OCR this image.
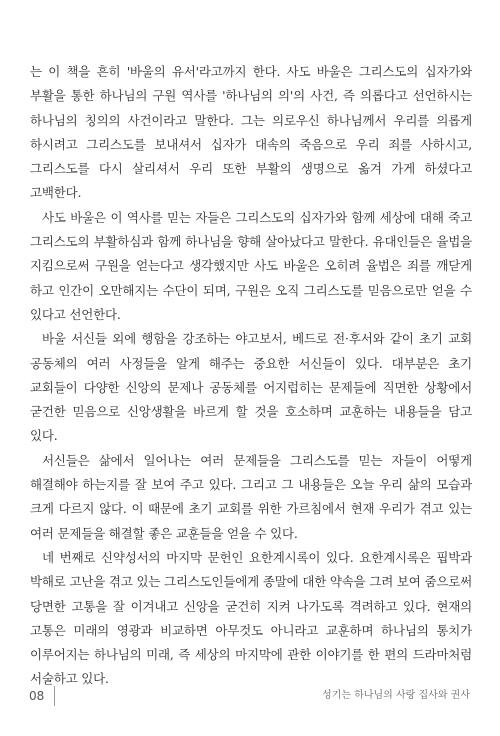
는 이 책을 흔히 '바울의 유서'라고까지 한다. 사도 바울은 그리스도의 십자가와 부활을 통한 하나님의 구원 역사를 '하나님의 의'의 사건, 즉 의롭다고 선언하시는 하나님의 칭의의 사건이라고 말한다. 그는 의로우신 하나님께서 우리를 의롭게 하시려고 그리스도를 보내셔서 십자가 대속의 죽음으로 우리 죄를 사하시고, 그리스도를 다시 살리셔서 우리 또한 부활의 생명으로 옮겨 가게 하셨다고 고백한다.

사도 바울은 이 역사를 믿는 자들은 그리스도의 십자가와 함께 세상에 대해 죽고 그리스도의 부활하심과 함께 하나님을 향해 살아났다고 말한다. 유대인들은 율법을 지킴으로써 구원을 얻는다고 생각했지만 사도 바울은 오히려 율법은 죄를 깨닫게 하고 인간이 오만해지는 수단이 되며, 구원은 오직 그리스도를 믿음으로만 얻을 수 있다고 선언한다.

바울 서신들 외에 행함을 강조하는 야고보서, 베드로 전·후서와 같이 초기 교회 공동체의 여러 사정들을 알게 해주는 중요한 서신들이 있다. 대부분은 초기 교회들이 다양한 신앙의 문제나 공동체를 어지럽히는 문제들에 직면한 상황에서 굳건한 믿음으로 신앙생활을 바르게 할 것을 호소하며 교훈하는 내용들을 담고 있다.

서신들은 삶에서 일어나는 여러 문제들을 그리스도를 믿는 자들이 어떻게 해결해야 하는지를 잘 보여 주고 있다. 그리고 그 내용들은 오늘 우리 삶의 모습과 크게 다르지 않다. 이 때문에 초기 교회를 위한 가르침에서 현재 우리가 겪고 있는 여러 문제들을 해결할 좋은 교훈들을 얻을 수 있다.

네 번째로 신약성서의 마지막 문헌인 요한계시록이 있다. 요한계시록은 핍박과 박해로 고난을 겪고 있는 그리스도인들에게 종말에 대한 약속을 그려 보여 줌으로써 당면한 고통을 잘 이겨내고 신앙을 굳건히 지켜 나가도록 격려하고 있다. 현재의 고통은 미래의 영광과 비교하면 아무것도 아니라고 교훈하며 하나님의 통치가 이루어지는 하나님의 미래, 즉 세상의 마지막에 관한 이야기를 한 편의 드라마처럼 서술하고 있다.

08	성기는 하나님의 사랑 집사와 권사
